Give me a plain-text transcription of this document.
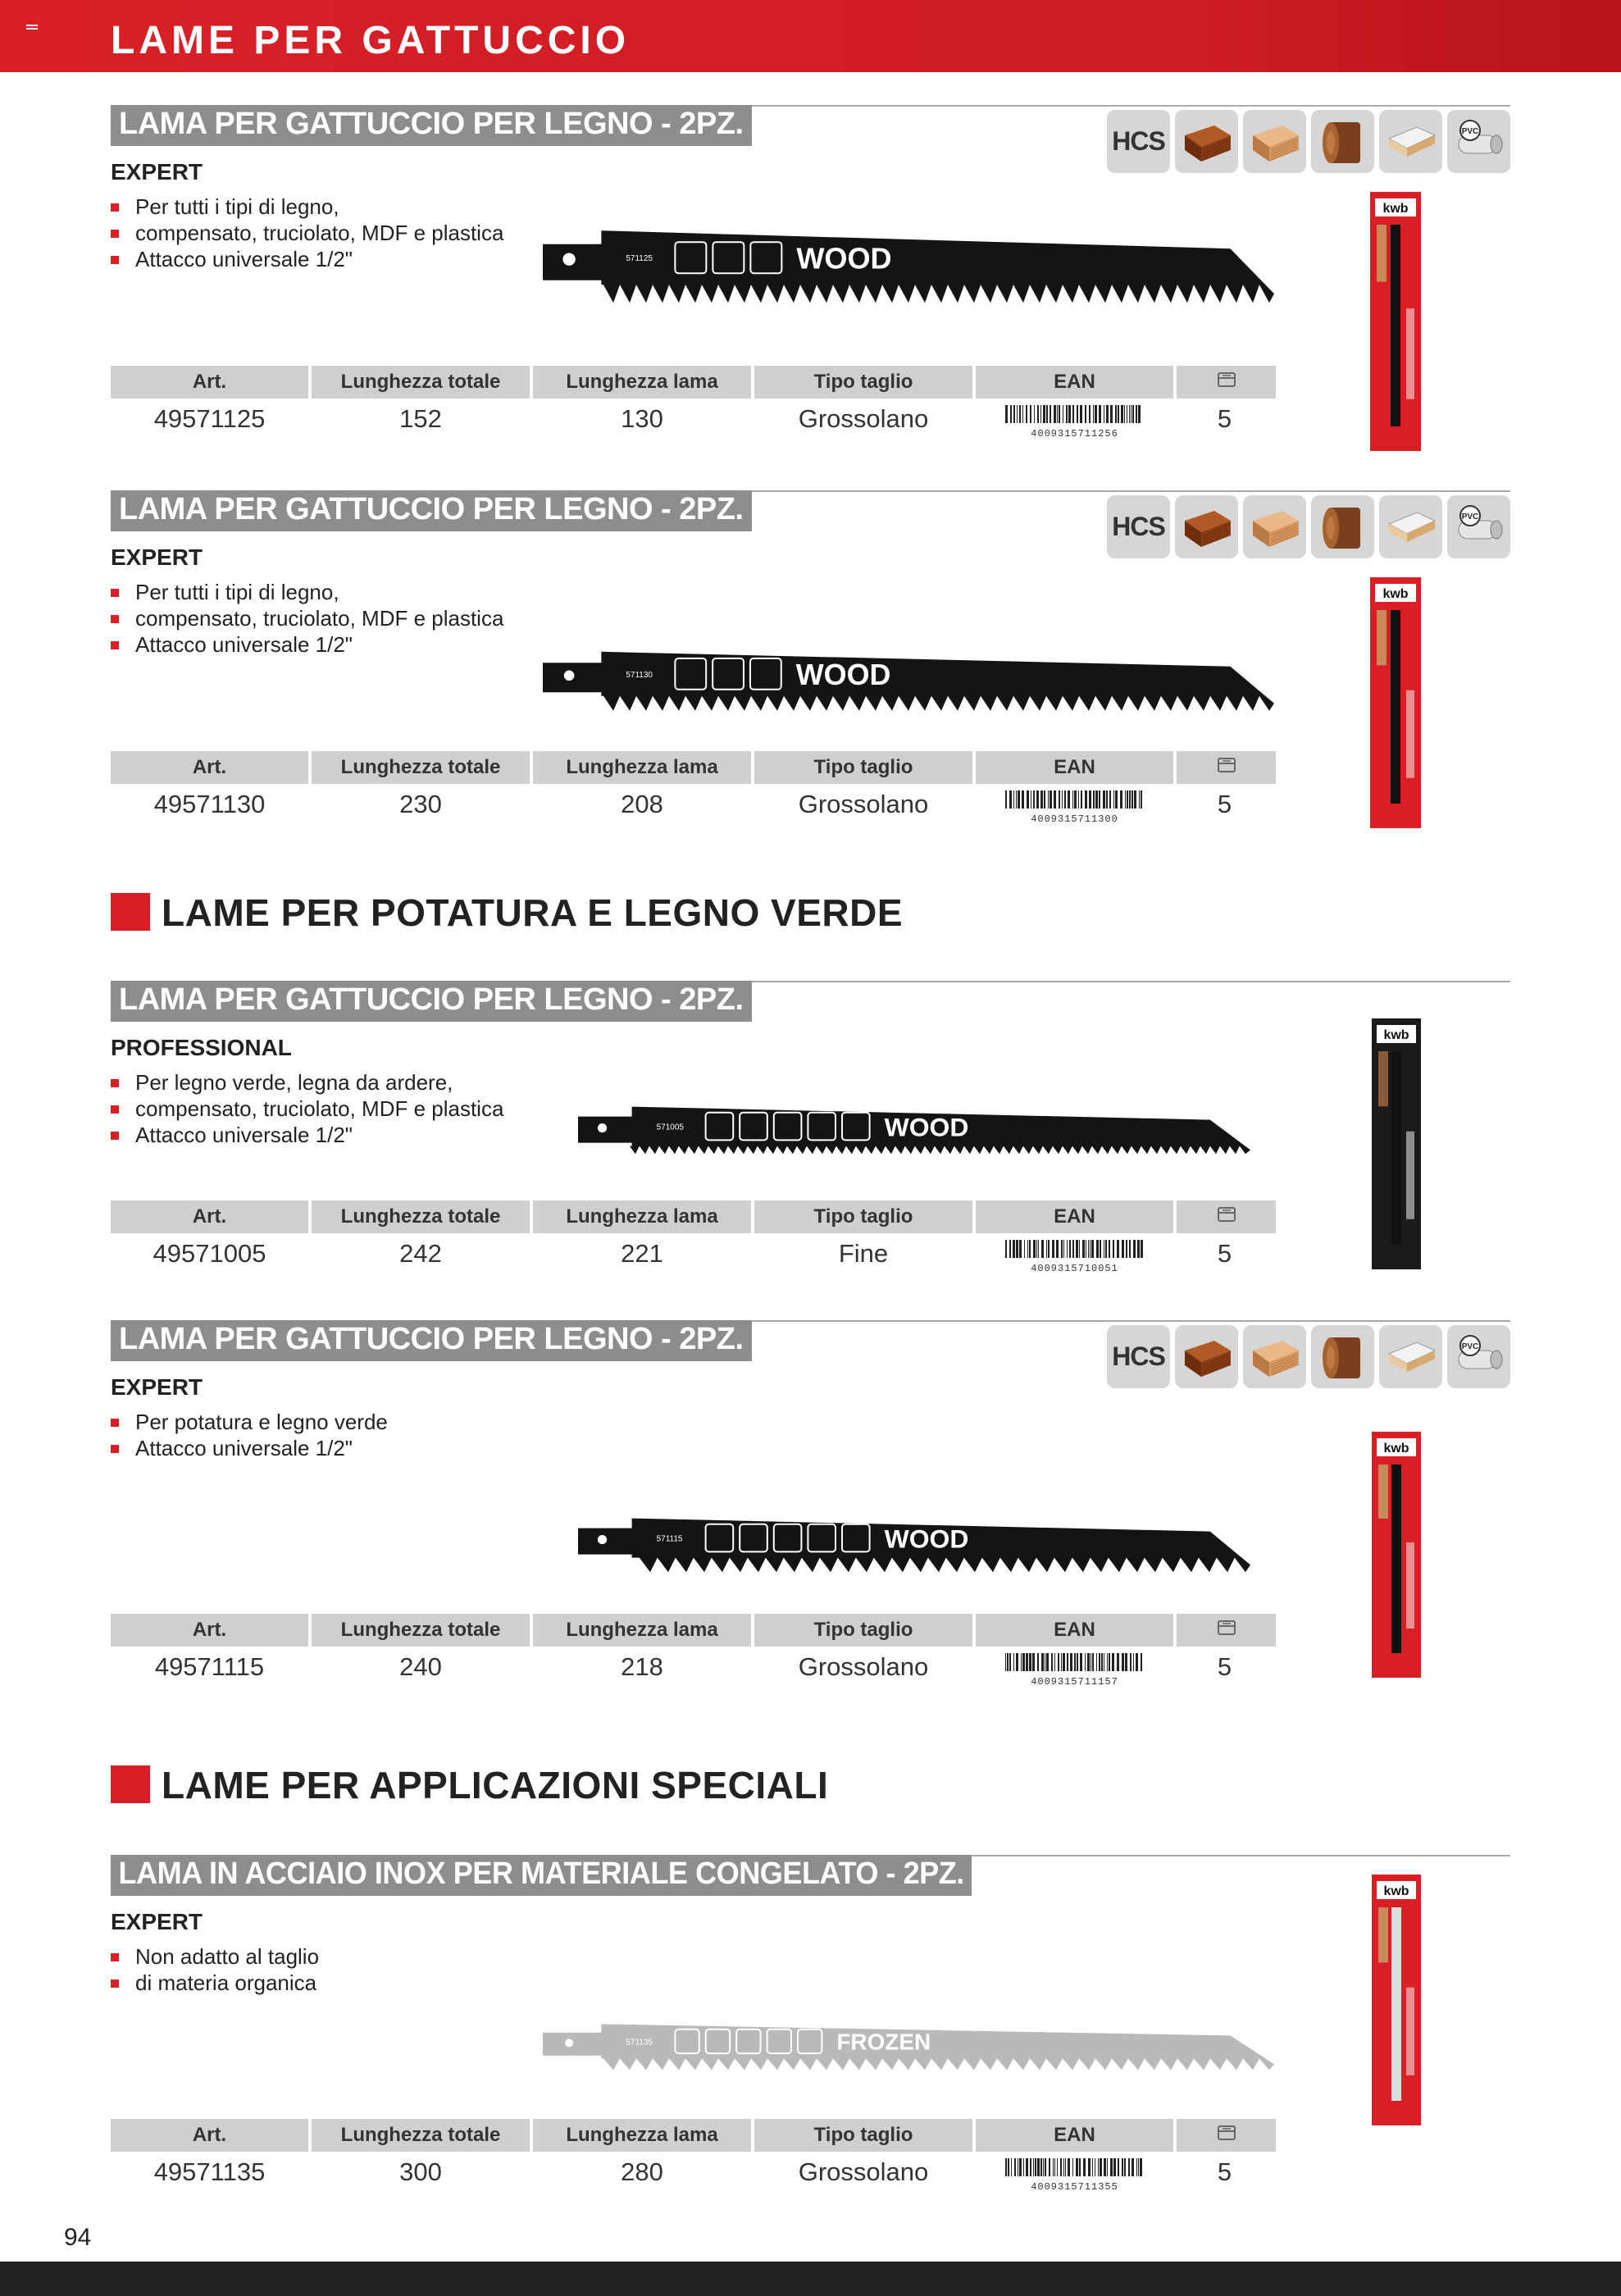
LAME PER GATTUCCIO
LAMA PER GATTUCCIO PER LEGNO - 2PZ.
EXPERT
Per tutti i tipi di legno,
compensato, truciolato, MDF e plastica
Attacco universale 1/2"
HCS	PVC
571125	WOOD
kwb
Art.	Lunghezza totale	Lunghezza lama	Tipo taglio	EAN	
49571125	152	130	Grossolano	4009315711256	5
LAMA PER GATTUCCIO PER LEGNO - 2PZ.
EXPERT
Per tutti i tipi di legno,
compensato, truciolato, MDF e plastica
Attacco universale 1/2"
HCS	PVC
571130	WOOD
kwb
Art.	Lunghezza totale	Lunghezza lama	Tipo taglio	EAN	
49571130	230	208	Grossolano	4009315711300	5
LAME PER POTATURA E LEGNO VERDE
LAMA PER GATTUCCIO PER LEGNO - 2PZ.
PROFESSIONAL
Per legno verde, legna da ardere,
compensato, truciolato, MDF e plastica
Attacco universale 1/2"	571005	WOOD
kwb
Art.	Lunghezza totale	Lunghezza lama	Tipo taglio	EAN	
49571005	242	221	Fine	4009315710051	5
LAMA PER GATTUCCIO PER LEGNO - 2PZ.
EXPERT
Per potatura e legno verde
Attacco universale 1/2"
HCS	PVC
571115	WOOD
kwb
Art.	Lunghezza totale	Lunghezza lama	Tipo taglio	EAN	
49571115	240	218	Grossolano	4009315711157	5
LAME PER APPLICAZIONI SPECIALI
LAMA IN ACCIAIO INOX PER MATERIALE CONGELATO - 2PZ.
EXPERT
Non adatto al taglio
di materia organica
571135	FROZEN
kwb
Art.	Lunghezza totale	Lunghezza lama	Tipo taglio	EAN	
49571135	300	280	Grossolano	4009315711355	5
94
